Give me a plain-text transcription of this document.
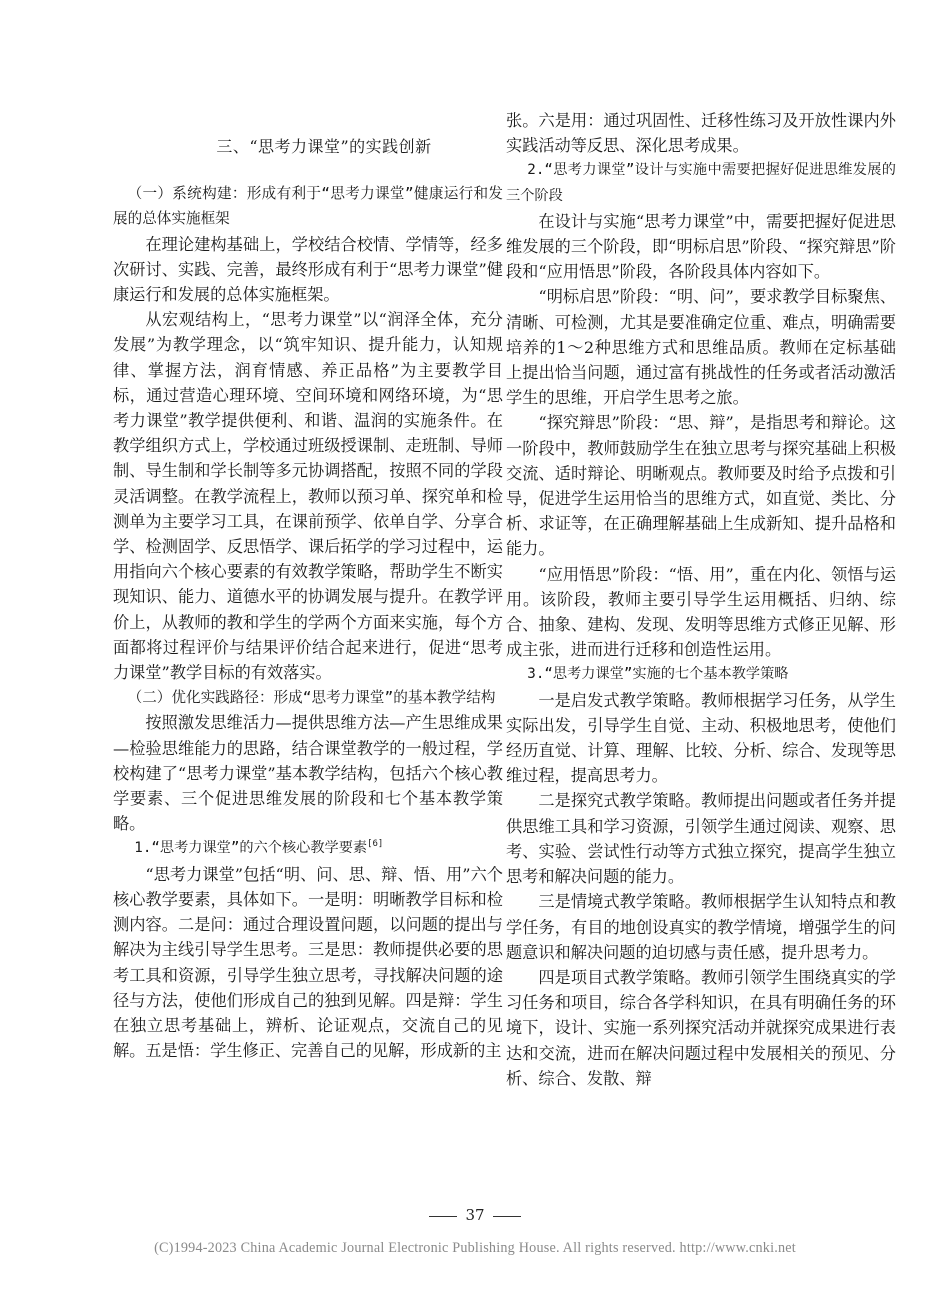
三、“思考力课堂”的实践创新

（一）系统构建：形成有利于“思考力课堂”健康运行和发展的总体实施框架

在理论建构基础上，学校结合校情、学情等，经多次研讨、实践、完善，最终形成有利于“思考力课堂”健康运行和发展的总体实施框架。

从宏观结构上，“思考力课堂”以“润泽全体，充分发展”为教学理念，以“筑牢知识、提升能力，认知规律、掌握方法，润育情感、养正品格”为主要教学目标，通过营造心理环境、空间环境和网络环境，为“思考力课堂”教学提供便利、和谐、温润的实施条件。在教学组织方式上，学校通过班级授课制、走班制、导师制、导生制和学长制等多元协调搭配，按照不同的学段灵活调整。在教学流程上，教师以预习单、探究单和检测单为主要学习工具，在课前预学、依单自学、分享合学、检测固学、反思悟学、课后拓学的学习过程中，运用指向六个核心要素的有效教学策略，帮助学生不断实现知识、能力、道德水平的协调发展与提升。在教学评价上，从教师的教和学生的学两个方面来实施，每个方面都将过程评价与结果评价结合起来进行，促进“思考力课堂”教学目标的有效落实。

（二）优化实践路径：形成“思考力课堂”的基本教学结构

按照激发思维活力—提供思维方法—产生思维成果—检验思维能力的思路，结合课堂教学的一般过程，学校构建了“思考力课堂”基本教学结构，包括六个核心教学要素、三个促进思维发展的阶段和七个基本教学策略。

1.“思考力课堂”的六个核心教学要素[6]

“思考力课堂”包括“明、问、思、辩、悟、用”六个核心教学要素，具体如下。一是明：明晰教学目标和检测内容。二是问：通过合理设置问题，以问题的提出与解决为主线引导学生思考。三是思：教师提供必要的思考工具和资源，引导学生独立思考，寻找解决问题的途径与方法，使他们形成自己的独到见解。四是辩：学生在独立思考基础上，辨析、论证观点，交流自己的见解。五是悟：学生修正、完善自己的见解，形成新的主

张。六是用：通过巩固性、迁移性练习及开放性课内外实践活动等反思、深化思考成果。

2.“思考力课堂”设计与实施中需要把握好促进思维发展的三个阶段

在设计与实施“思考力课堂”中，需要把握好促进思维发展的三个阶段，即“明标启思”阶段、“探究辩思”阶段和“应用悟思”阶段，各阶段具体内容如下。

“明标启思”阶段：“明、问”，要求教学目标聚焦、清晰、可检测，尤其是要准确定位重、难点，明确需要培养的1～2种思维方式和思维品质。教师在定标基础上提出恰当问题，通过富有挑战性的任务或者活动激活学生的思维，开启学生思考之旅。

“探究辩思”阶段：“思、辩”，是指思考和辩论。这一阶段中，教师鼓励学生在独立思考与探究基础上积极交流、适时辩论、明晰观点。教师要及时给予点拨和引导，促进学生运用恰当的思维方式，如直觉、类比、分析、求证等，在正确理解基础上生成新知、提升品格和能力。

“应用悟思”阶段：“悟、用”，重在内化、领悟与运用。该阶段，教师主要引导学生运用概括、归纳、综合、抽象、建构、发现、发明等思维方式修正见解、形成主张，进而进行迁移和创造性运用。

3.“思考力课堂”实施的七个基本教学策略

一是启发式教学策略。教师根据学习任务，从学生实际出发，引导学生自觉、主动、积极地思考，使他们经历直觉、计算、理解、比较、分析、综合、发现等思维过程，提高思考力。

二是探究式教学策略。教师提出问题或者任务并提供思维工具和学习资源，引领学生通过阅读、观察、思考、实验、尝试性行动等方式独立探究，提高学生独立思考和解决问题的能力。

三是情境式教学策略。教师根据学生认知特点和教学任务，有目的地创设真实的教学情境，增强学生的问题意识和解决问题的迫切感与责任感，提升思考力。

四是项目式教学策略。教师引领学生围绕真实的学习任务和项目，综合各学科知识，在具有明确任务的环境下，设计、实施一系列探究活动并就探究成果进行表达和交流，进而在解决问题过程中发展相关的预见、分析、综合、发散、辩

37
(C)1994-2023 China Academic Journal Electronic Publishing House. All rights reserved. http://www.cnki.net
